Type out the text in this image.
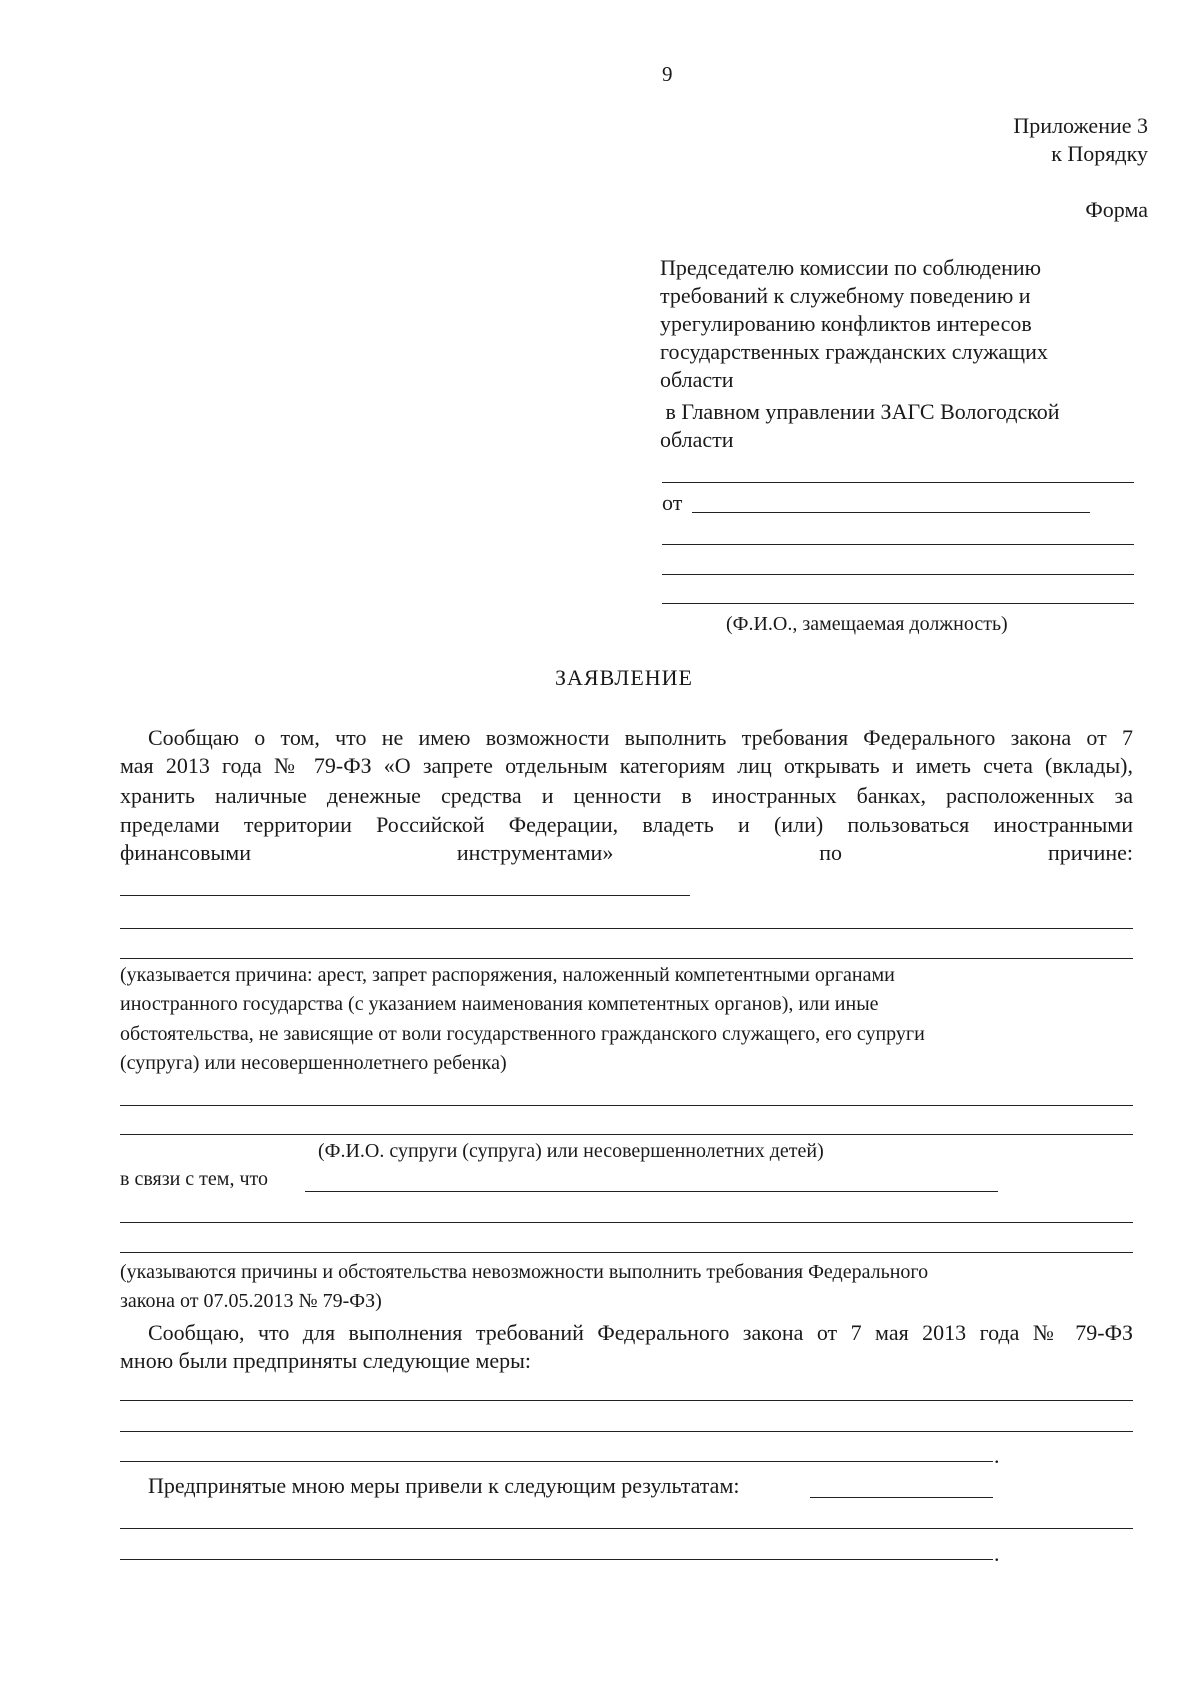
9
Приложение 3
к Порядку
Форма
Председателю комиссии по соблюдению
требований к служебному поведению и
урегулированию конфликтов интересов
государственных гражданских служащих
области
в Главном управлении ЗАГС Вологодской
области
от
(Ф.И.О., замещаемая должность)
ЗАЯВЛЕНИЕ
Сообщаю о том, что не имею возможности выполнить требования Федерального закона от 7
мая 2013 года № 79-ФЗ «О запрете отдельным категориям лиц открывать и иметь счета (вклады),
хранить наличные денежные средства и ценности в иностранных банках, расположенных за
пределами территории Российской Федерации, владеть и (или) пользоваться иностранными
финансовыми инструментами» по причине:
(указывается причина: арест, запрет распоряжения, наложенный компетентными органами
иностранного государства (с указанием наименования компетентных органов), или иные
обстоятельства, не зависящие от воли государственного гражданского служащего, его супруги
(супруга) или несовершеннолетнего ребенка)
(Ф.И.О. супруги (супруга) или несовершеннолетних детей)
в связи с тем, что
(указываются причины и обстоятельства невозможности выполнить требования Федерального
закона от 07.05.2013 № 79-ФЗ)
Сообщаю, что для выполнения требований Федерального закона от 7 мая 2013 года № 79-ФЗ
мною были предприняты следующие меры:
.
Предпринятые мною меры привели к следующим результатам:
.
